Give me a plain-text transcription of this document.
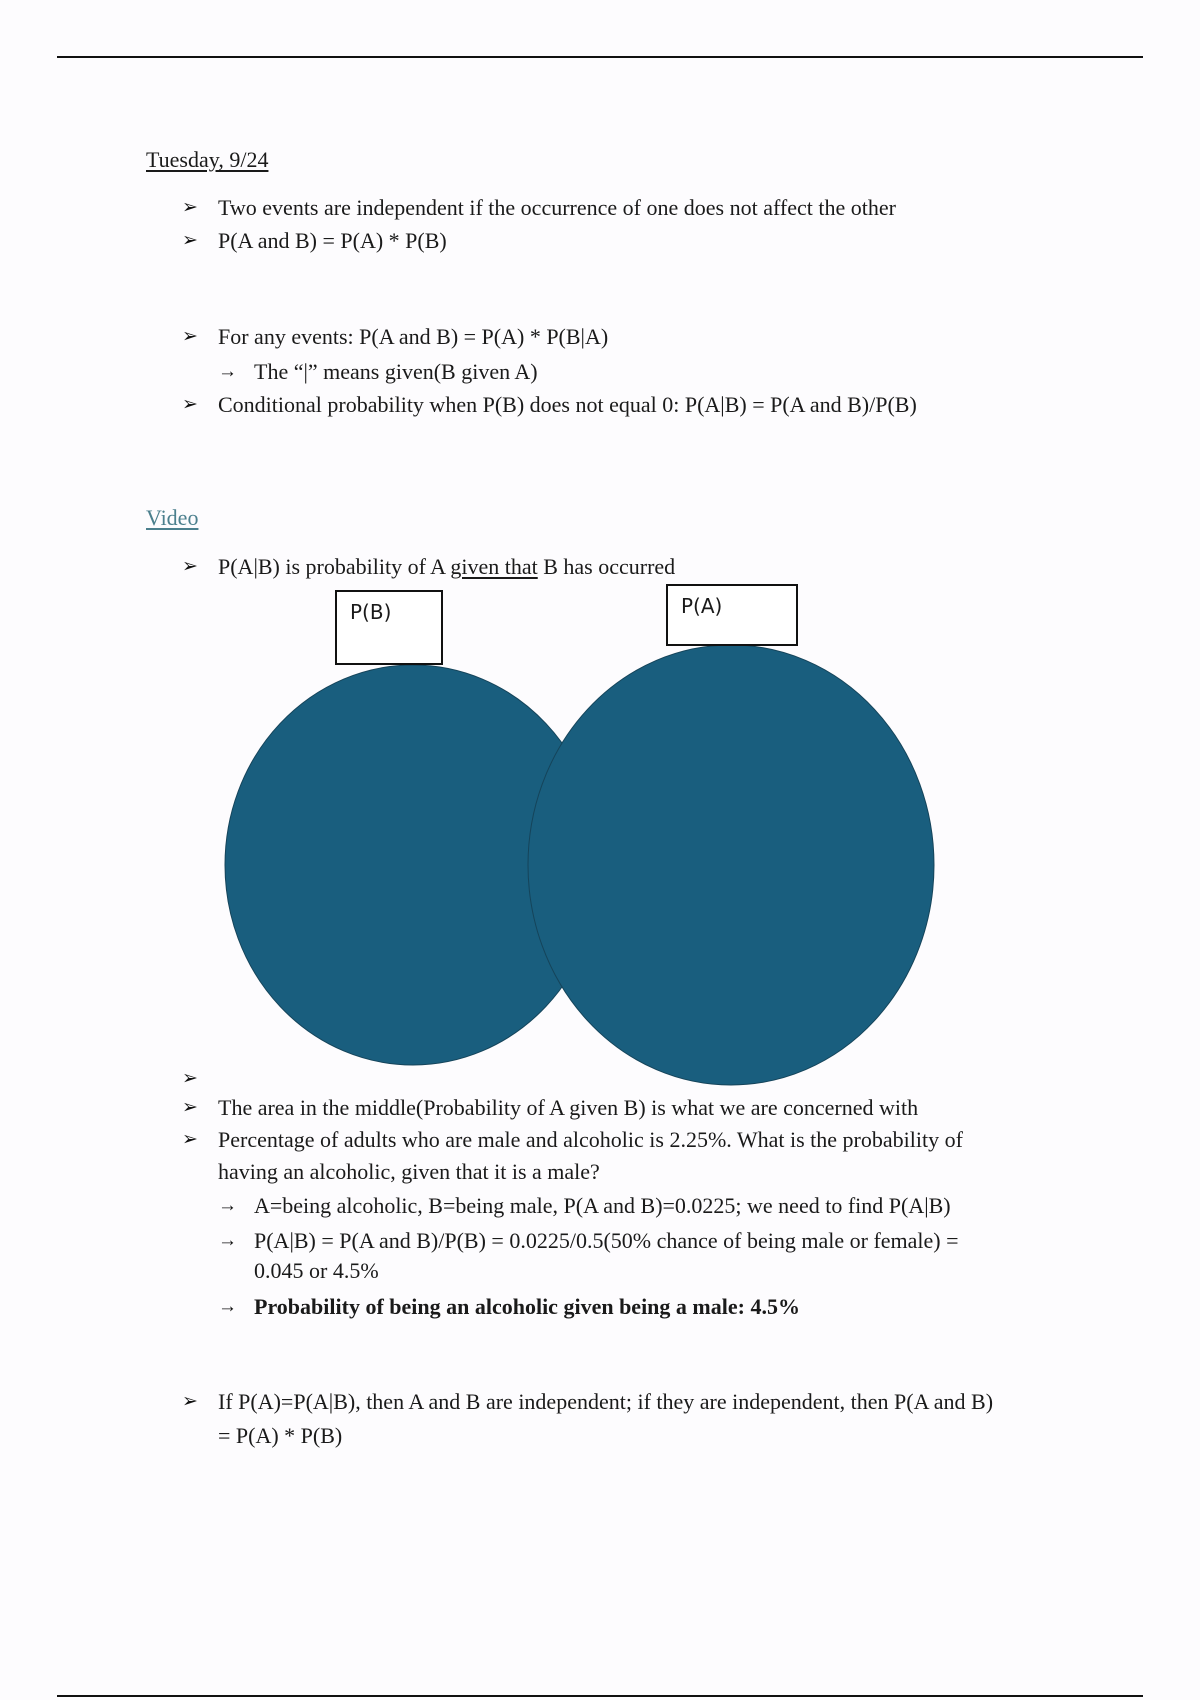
Tuesday, 9/24
➢ Two events are independent if the occurrence of one does not affect the other
➢ P(A and B) = P(A) * P(B)
➢ For any events: P(A and B) = P(A) * P(B|A)
→ The “|” means given(B given A)
➢ Conditional probability when P(B) does not equal 0: P(A|B) = P(A and B)/P(B)
Video
➢ P(A|B) is probability of A given that B has occurred
P(B)	P(A)
➢
➢ The area in the middle(Probability of A given B) is what we are concerned with
➢ Percentage of adults who are male and alcoholic is 2.25%. What is the probability of
having an alcoholic, given that it is a male?
→ A=being alcoholic, B=being male, P(A and B)=0.0225; we need to find P(A|B)
→ P(A|B) = P(A and B)/P(B) = 0.0225/0.5(50% chance of being male or female) =
0.045 or 4.5%
→ Probability of being an alcoholic given being a male: 4.5%
➢ If P(A)=P(A|B), then A and B are independent; if they are independent, then P(A and B)
= P(A) * P(B)
